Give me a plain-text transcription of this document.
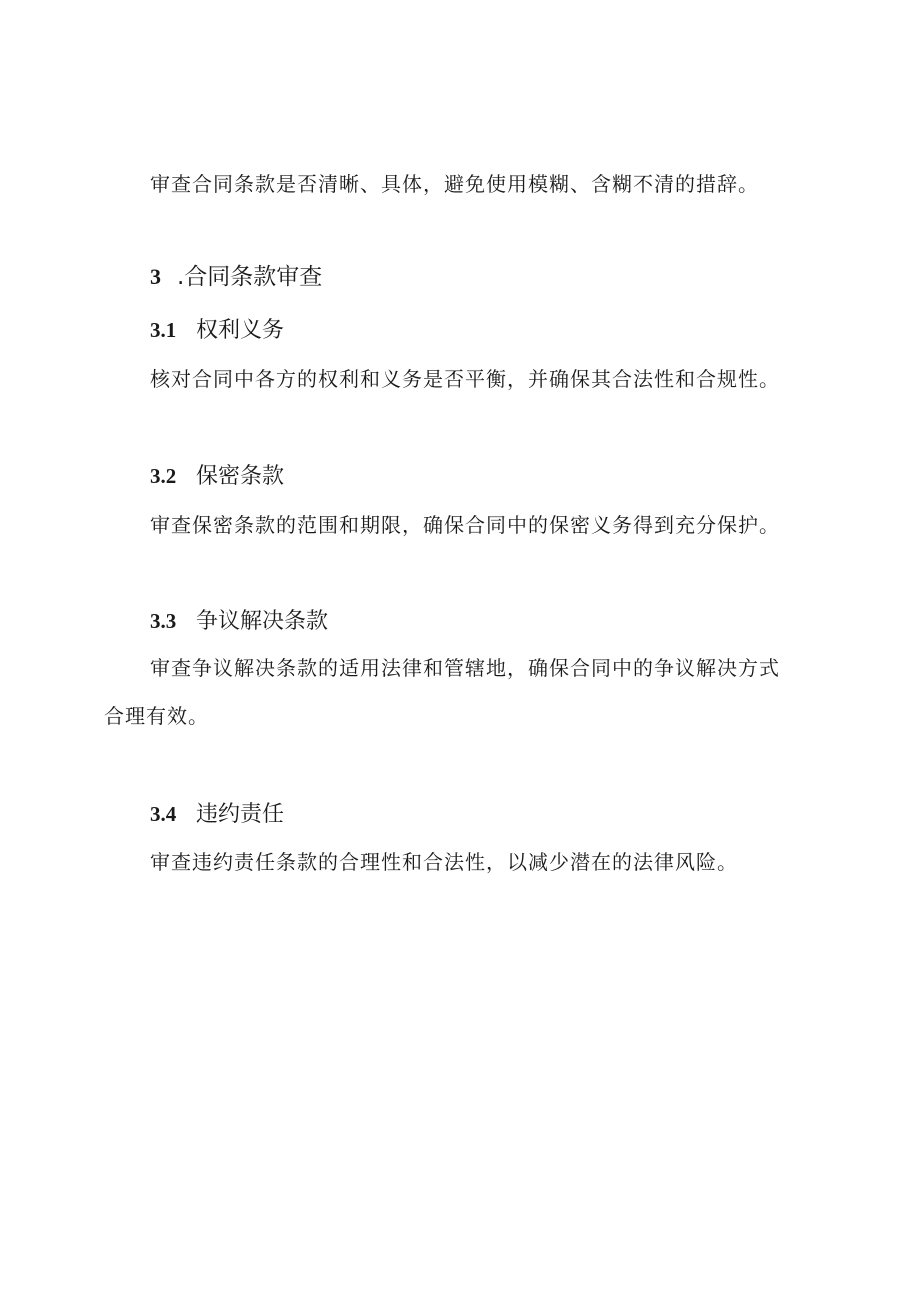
审查合同条款是否清晰、具体，避免使用模糊、含糊不清的措辞。
3 .合同条款审查
3.1 权利义务
核对合同中各方的权利和义务是否平衡，并确保其合法性和合规性。
3.2 保密条款
审查保密条款的范围和期限，确保合同中的保密义务得到充分保护。
3.3 争议解决条款
审查争议解决条款的适用法律和管辖地，确保合同中的争议解决方式
合理有效。
3.4 违约责任
审查违约责任条款的合理性和合法性，以减少潜在的法律风险。
